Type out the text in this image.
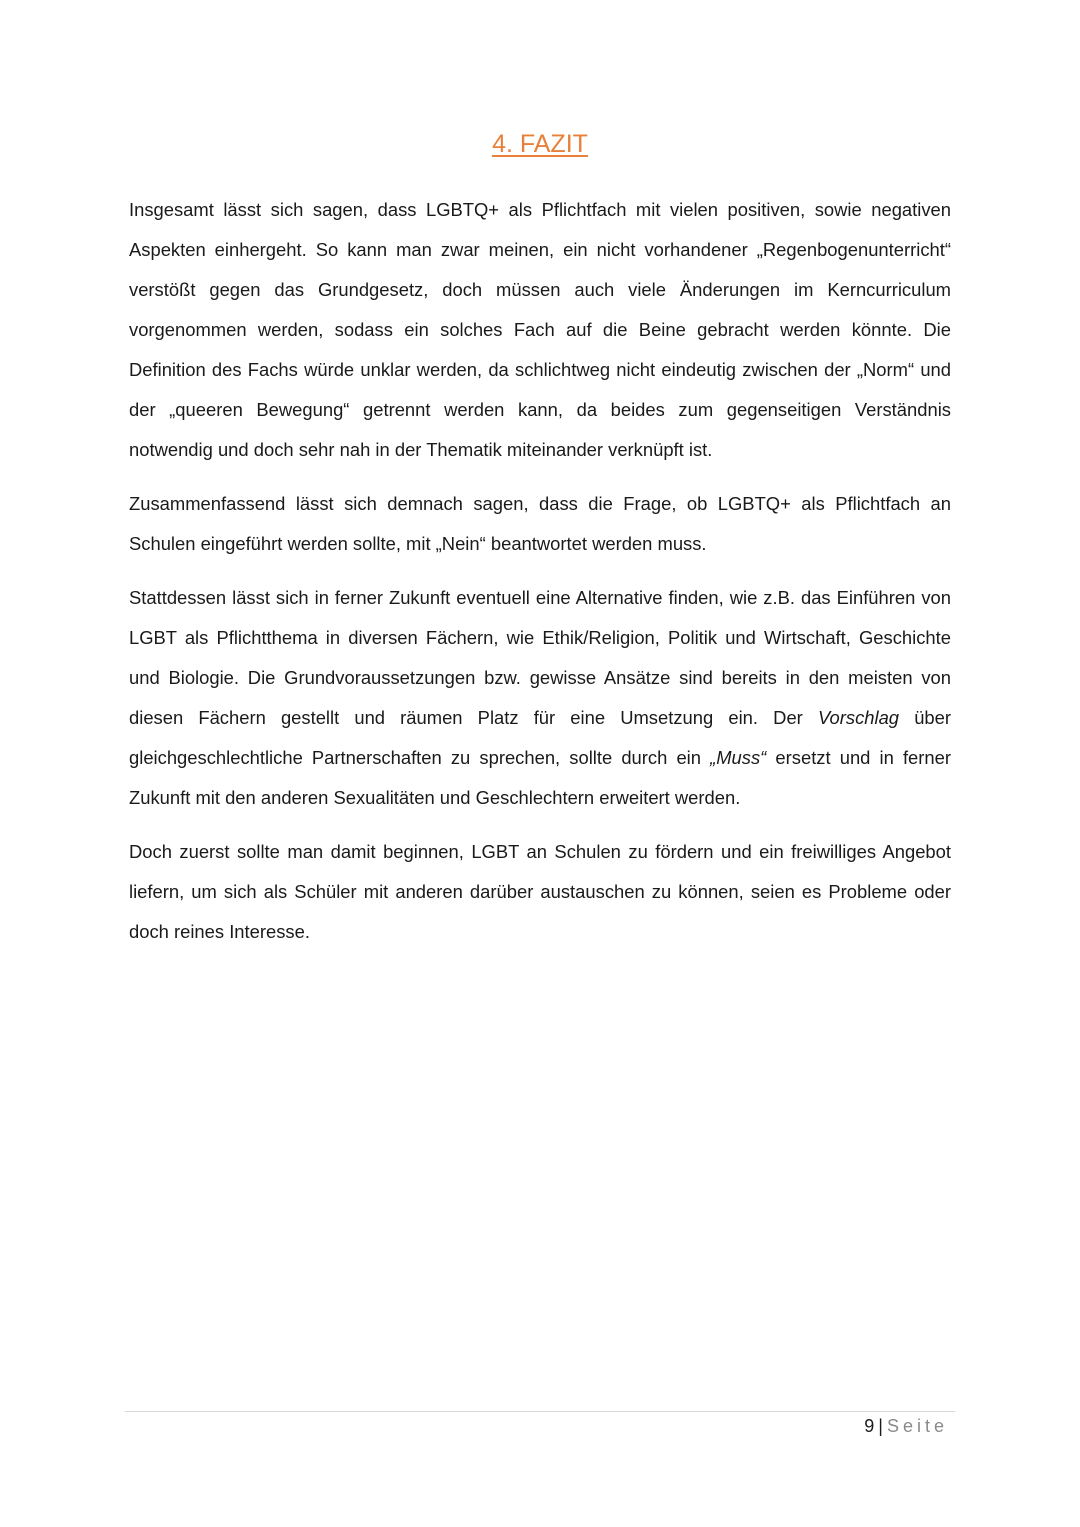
4. FAZIT

Insgesamt lässt sich sagen, dass LGBTQ+ als Pflichtfach mit vielen positiven, sowie negativen Aspekten einhergeht. So kann man zwar meinen, ein nicht vorhandener „Regenbogenunterricht“ verstößt gegen das Grundgesetz, doch müssen auch viele Änderungen im Kerncurriculum vorgenommen werden, sodass ein solches Fach auf die Beine gebracht werden könnte. Die Definition des Fachs würde unklar werden, da schlichtweg nicht eindeutig zwischen der „Norm“ und der „queeren Bewegung“ getrennt werden kann, da beides zum gegenseitigen Verständnis notwendig und doch sehr nah in der Thematik miteinander verknüpft ist.

Zusammenfassend lässt sich demnach sagen, dass die Frage, ob LGBTQ+ als Pflichtfach an Schulen eingeführt werden sollte, mit „Nein“ beantwortet werden muss.

Stattdessen lässt sich in ferner Zukunft eventuell eine Alternative finden, wie z.B. das Einführen von LGBT als Pflichtthema in diversen Fächern, wie Ethik/Religion, Politik und Wirtschaft, Geschichte und Biologie. Die Grundvoraussetzungen bzw. gewisse Ansätze sind bereits in den meisten von diesen Fächern gestellt und räumen Platz für eine Umsetzung ein. Der Vorschlag über gleichgeschlechtliche Partnerschaften zu sprechen, sollte durch ein „Muss“ ersetzt und in ferner Zukunft mit den anderen Sexualitäten und Geschlechtern erweitert werden.

Doch zuerst sollte man damit beginnen, LGBT an Schulen zu fördern und ein freiwilliges Angebot liefern, um sich als Schüler mit anderen darüber austauschen zu können, seien es Probleme oder doch reines Interesse.

9 | Seite
